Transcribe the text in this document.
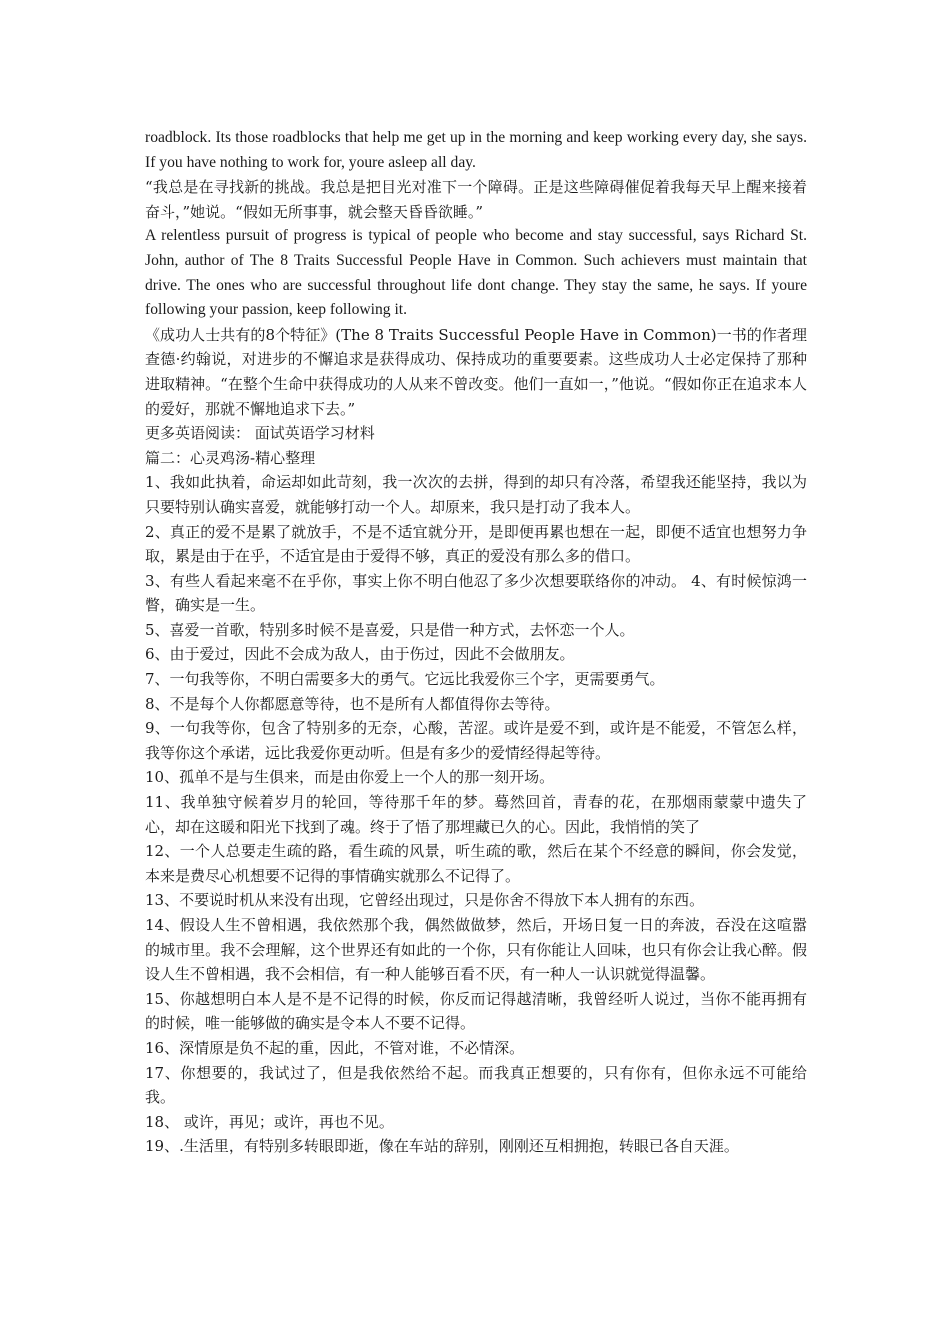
roadblock. Its those roadblocks that help me get up in the morning and keep working every day, she says. If you have nothing to work for, youre asleep all day.

“我总是在寻找新的挑战。我总是把目光对准下一个障碍。正是这些障碍催促着我每天早上醒来接着奋斗，”她说。“假如无所事事，就会整天昏昏欲睡。”

A relentless pursuit of progress is typical of people who become and stay successful, says Richard St. John, author of The 8 Traits Successful People Have in Common. Such achievers must maintain that drive. The ones who are successful throughout life dont change. They stay the same, he says. If youre following your passion, keep following it.

《成功人士共有的8个特征》(The 8 Traits Successful People Have in Common)一书的作者理查德·约翰说，对进步的不懈追求是获得成功、保持成功的重要要素。这些成功人士必定保持了那种进取精神。“在整个生命中获得成功的人从来不曾改变。他们一直如一，”他说。“假如你正在追求本人的爱好，那就不懈地追求下去。”

更多英语阅读： 面试英语学习材料

篇二：心灵鸡汤-精心整理

1、我如此执着，命运却如此苛刻，我一次次的去拼，得到的却只有冷落，希望我还能坚持，我以为只要特别认确实喜爱，就能够打动一个人。却原来，我只是打动了我本人。

2、真正的爱不是累了就放手，不是不适宜就分开，是即便再累也想在一起，即便不适宜也想努力争取，累是由于在乎，不适宜是由于爱得不够，真正的爱没有那么多的借口。

3、有些人看起来毫不在乎你，事实上你不明白他忍了多少次想要联络你的冲动。 4、有时候惊鸿一瞥，确实是一生。

5、喜爱一首歌，特别多时候不是喜爱，只是借一种方式，去怀恋一个人。

6、由于爱过，因此不会成为敌人，由于伤过，因此不会做朋友。

7、一句我等你，不明白需要多大的勇气。它远比我爱你三个字，更需要勇气。

8、不是每个人你都愿意等待，也不是所有人都值得你去等待。

9、一句我等你，包含了特别多的无奈，心酸，苦涩。或许是爱不到，或许是不能爱，不管怎么样，我等你这个承诺，远比我爱你更动听。但是有多少的爱情经得起等待。

10、孤单不是与生俱来，而是由你爱上一个人的那一刻开场。

11、我单独守候着岁月的轮回，等待那千年的梦。蓦然回首，青春的花，在那烟雨蒙蒙中遗失了心，却在这暖和阳光下找到了魂。终于了悟了那埋藏已久的心。因此，我悄悄的笑了

12、一个人总要走生疏的路，看生疏的风景，听生疏的歌，然后在某个不经意的瞬间，你会发觉，本来是费尽心机想要不记得的事情确实就那么不记得了。

13、不要说时机从来没有出现，它曾经出现过，只是你舍不得放下本人拥有的东西。

14、假设人生不曾相遇，我依然那个我，偶然做做梦，然后，开场日复一日的奔波，吞没在这喧嚣的城市里。我不会理解，这个世界还有如此的一个你，只有你能让人回味，也只有你会让我心醉。假设人生不曾相遇，我不会相信，有一种人能够百看不厌，有一种人一认识就觉得温馨。

15、你越想明白本人是不是不记得的时候，你反而记得越清晰，我曾经听人说过，当你不能再拥有的时候，唯一能够做的确实是令本人不要不记得。

16、深情原是负不起的重，因此，不管对谁，不必情深。

17、你想要的，我试过了，但是我依然给不起。而我真正想要的，只有你有，但你永远不可能给我。

18、 或许，再见；或许，再也不见。

19、.生活里，有特别多转眼即逝，像在车站的辞别，刚刚还互相拥抱，转眼已各自天涯。
